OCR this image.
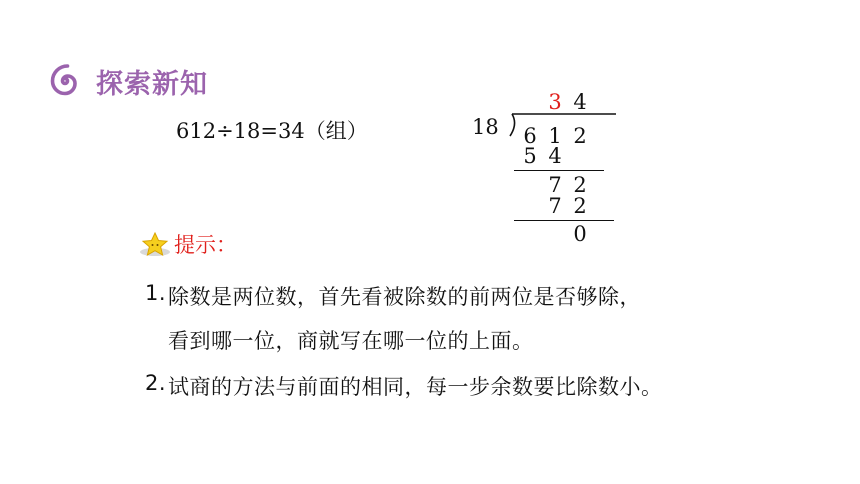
探索新知
612÷18=34（组）
3 4
18 6 1 2
5 4
7 2
7 2
0
提示：
1. 除数是两位数，首先看被除数的前两位是否够除，
看到哪一位，商就写在哪一位的上面。
2. 试商的方法与前面的相同，每一步余数要比除数小。
